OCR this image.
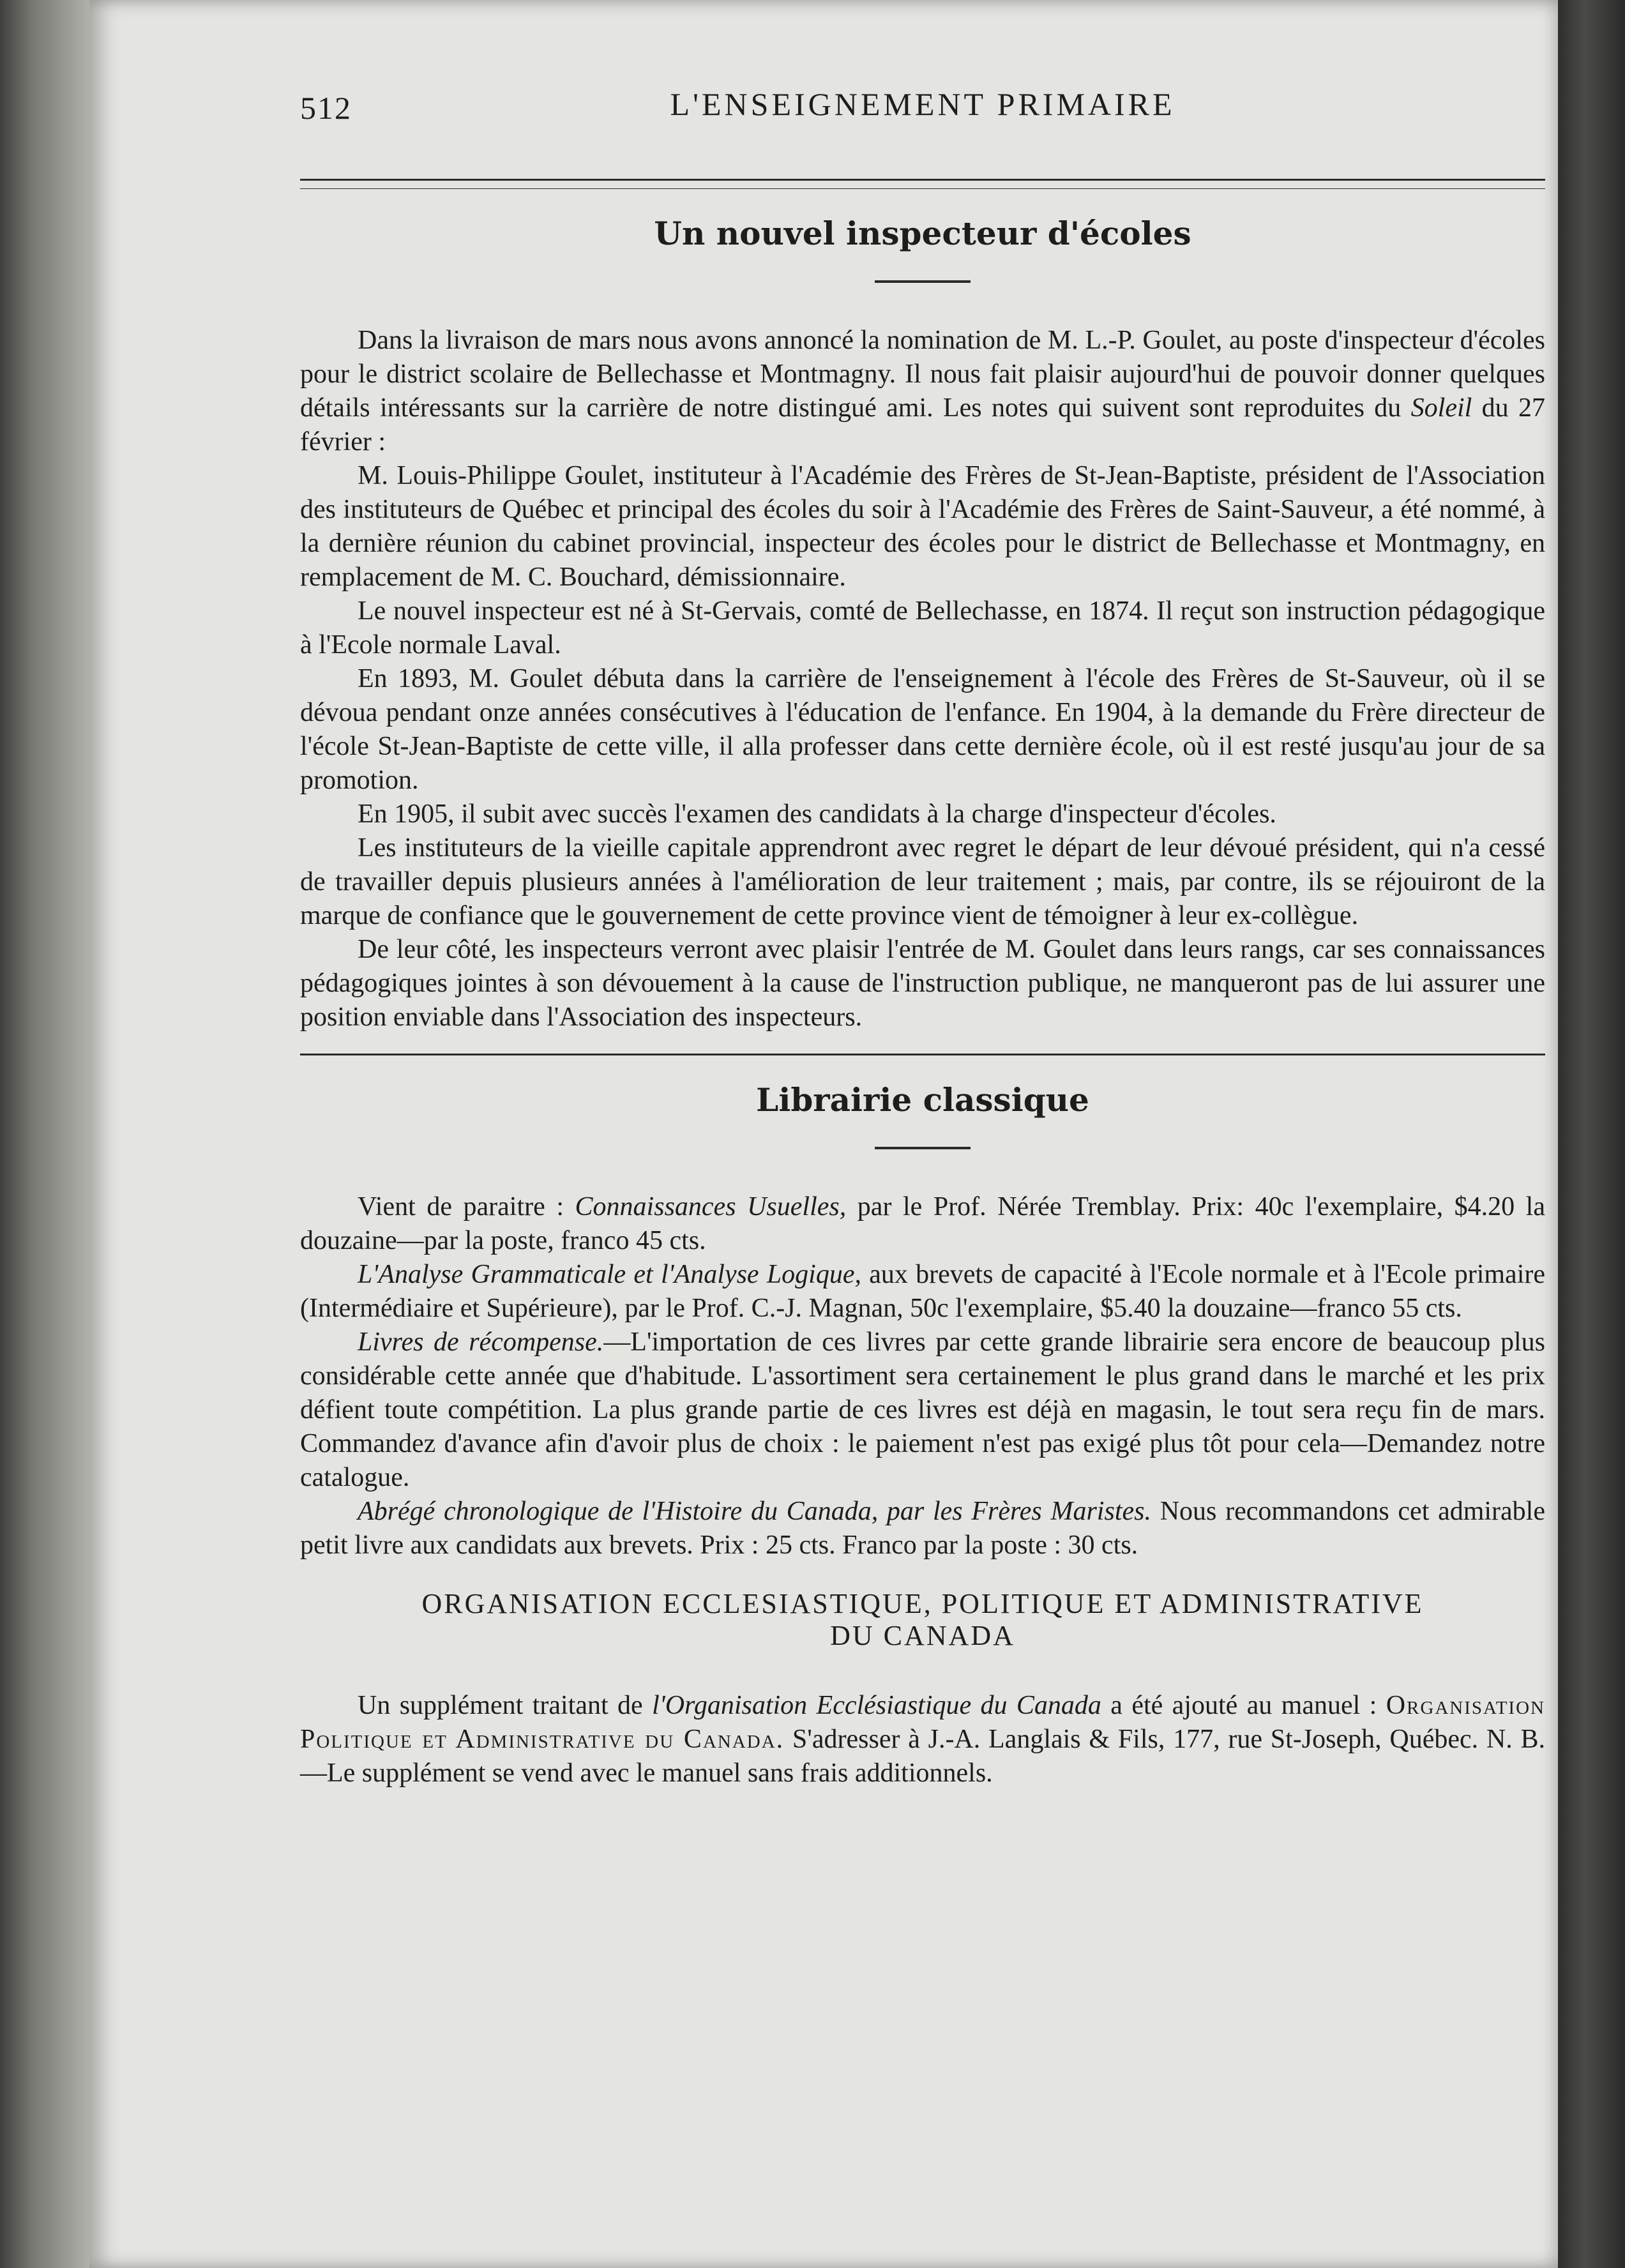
512	L'ENSEIGNEMENT PRIMAIRE
Un nouvel inspecteur d'écoles

Dans la livraison de mars nous avons annoncé la nomination de M. L.-P. Goulet, au poste d'inspecteur d'écoles pour le district scolaire de Bellechasse et Montmagny. Il nous fait plaisir aujourd'hui de pouvoir donner quelques détails intéressants sur la carrière de notre distingué ami. Les notes qui suivent sont reproduites du Soleil du 27 février :

M. Louis-Philippe Goulet, instituteur à l'Académie des Frères de St-Jean-Baptiste, président de l'Association des instituteurs de Québec et principal des écoles du soir à l'Académie des Frères de Saint-Sauveur, a été nommé, à la dernière réunion du cabinet provincial, inspecteur des écoles pour le district de Bellechasse et Montmagny, en remplacement de M. C. Bouchard, démissionnaire.

Le nouvel inspecteur est né à St-Gervais, comté de Bellechasse, en 1874. Il reçut son instruction pédagogique à l'Ecole normale Laval.

En 1893, M. Goulet débuta dans la carrière de l'enseignement à l'école des Frères de St-Sauveur, où il se dévoua pendant onze années consécutives à l'éducation de l'enfance. En 1904, à la demande du Frère directeur de l'école St-Jean-Baptiste de cette ville, il alla professer dans cette dernière école, où il est resté jusqu'au jour de sa promotion.

En 1905, il subit avec succès l'examen des candidats à la charge d'inspecteur d'écoles.

Les instituteurs de la vieille capitale apprendront avec regret le départ de leur dévoué président, qui n'a cessé de travailler depuis plusieurs années à l'amélioration de leur traitement ; mais, par contre, ils se réjouiront de la marque de confiance que le gouvernement de cette province vient de témoigner à leur ex-collègue.

De leur côté, les inspecteurs verront avec plaisir l'entrée de M. Goulet dans leurs rangs, car ses connaissances pédagogiques jointes à son dévouement à la cause de l'instruction publique, ne manqueront pas de lui assurer une position enviable dans l'Association des inspecteurs.

Librairie classique

Vient de paraitre : Connaissances Usuelles, par le Prof. Nérée Tremblay. Prix: 40c l'exemplaire, $4.20 la douzaine—par la poste, franco 45 cts.

L'Analyse Grammaticale et l'Analyse Logique, aux brevets de capacité à l'Ecole normale et à l'Ecole primaire (Intermédiaire et Supérieure), par le Prof. C.-J. Magnan, 50c l'exemplaire, $5.40 la douzaine—franco 55 cts.

Livres de récompense.—L'importation de ces livres par cette grande librairie sera encore de beaucoup plus considérable cette année que d'habitude. L'assortiment sera certainement le plus grand dans le marché et les prix défient toute compétition. La plus grande partie de ces livres est déjà en magasin, le tout sera reçu fin de mars. Commandez d'avance afin d'avoir plus de choix : le paiement n'est pas exigé plus tôt pour cela—Demandez notre catalogue.

Abrégé chronologique de l'Histoire du Canada, par les Frères Maristes. Nous recommandons cet admirable petit livre aux candidats aux brevets. Prix : 25 cts. Franco par la poste : 30 cts.

ORGANISATION ECCLESIASTIQUE, POLITIQUE ET ADMINISTRATIVE
DU CANADA

Un supplément traitant de l'Organisation Ecclésiastique du Canada a été ajouté au manuel : Organisation Politique et Administrative du Canada. S'adresser à J.-A. Langlais & Fils, 177, rue St-Joseph, Québec. N. B.—Le supplément se vend avec le manuel sans frais additionnels.
